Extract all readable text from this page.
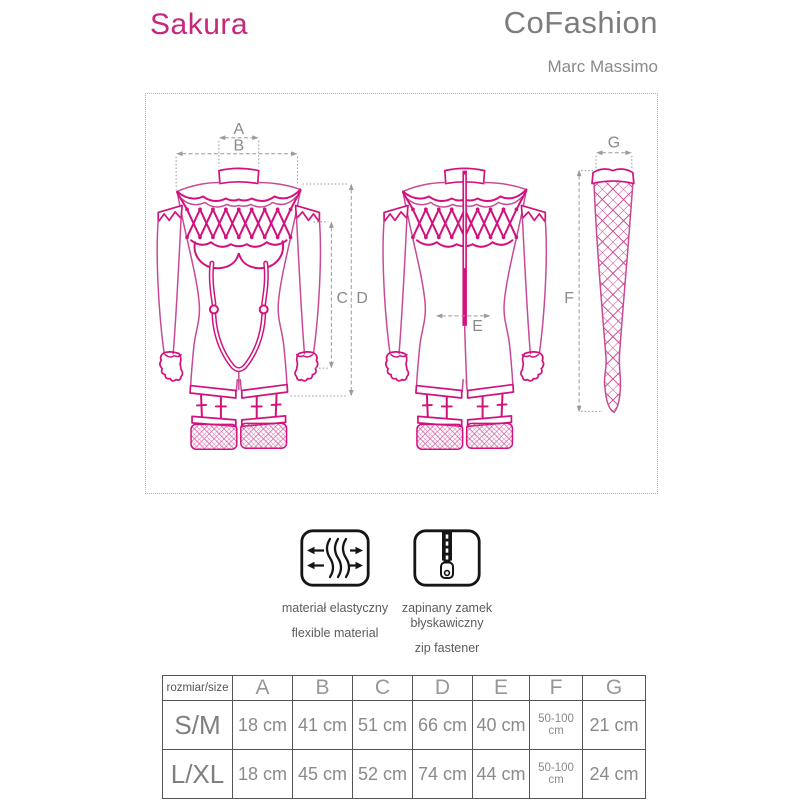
Sakura	CoFashion
Marc Massimo
A
B
C D
E
F
G
materiał elastyczny
flexible material
zapinany zamek błyskawiczny
zip fastener
rozmiar/size	A	B	C	D	E	F	G
S/M	18 cm	41 cm	51 cm	66 cm	40 cm	50-100 cm	21 cm
L/XL	18 cm	45 cm	52 cm	74 cm	44 cm	50-100 cm	24 cm
